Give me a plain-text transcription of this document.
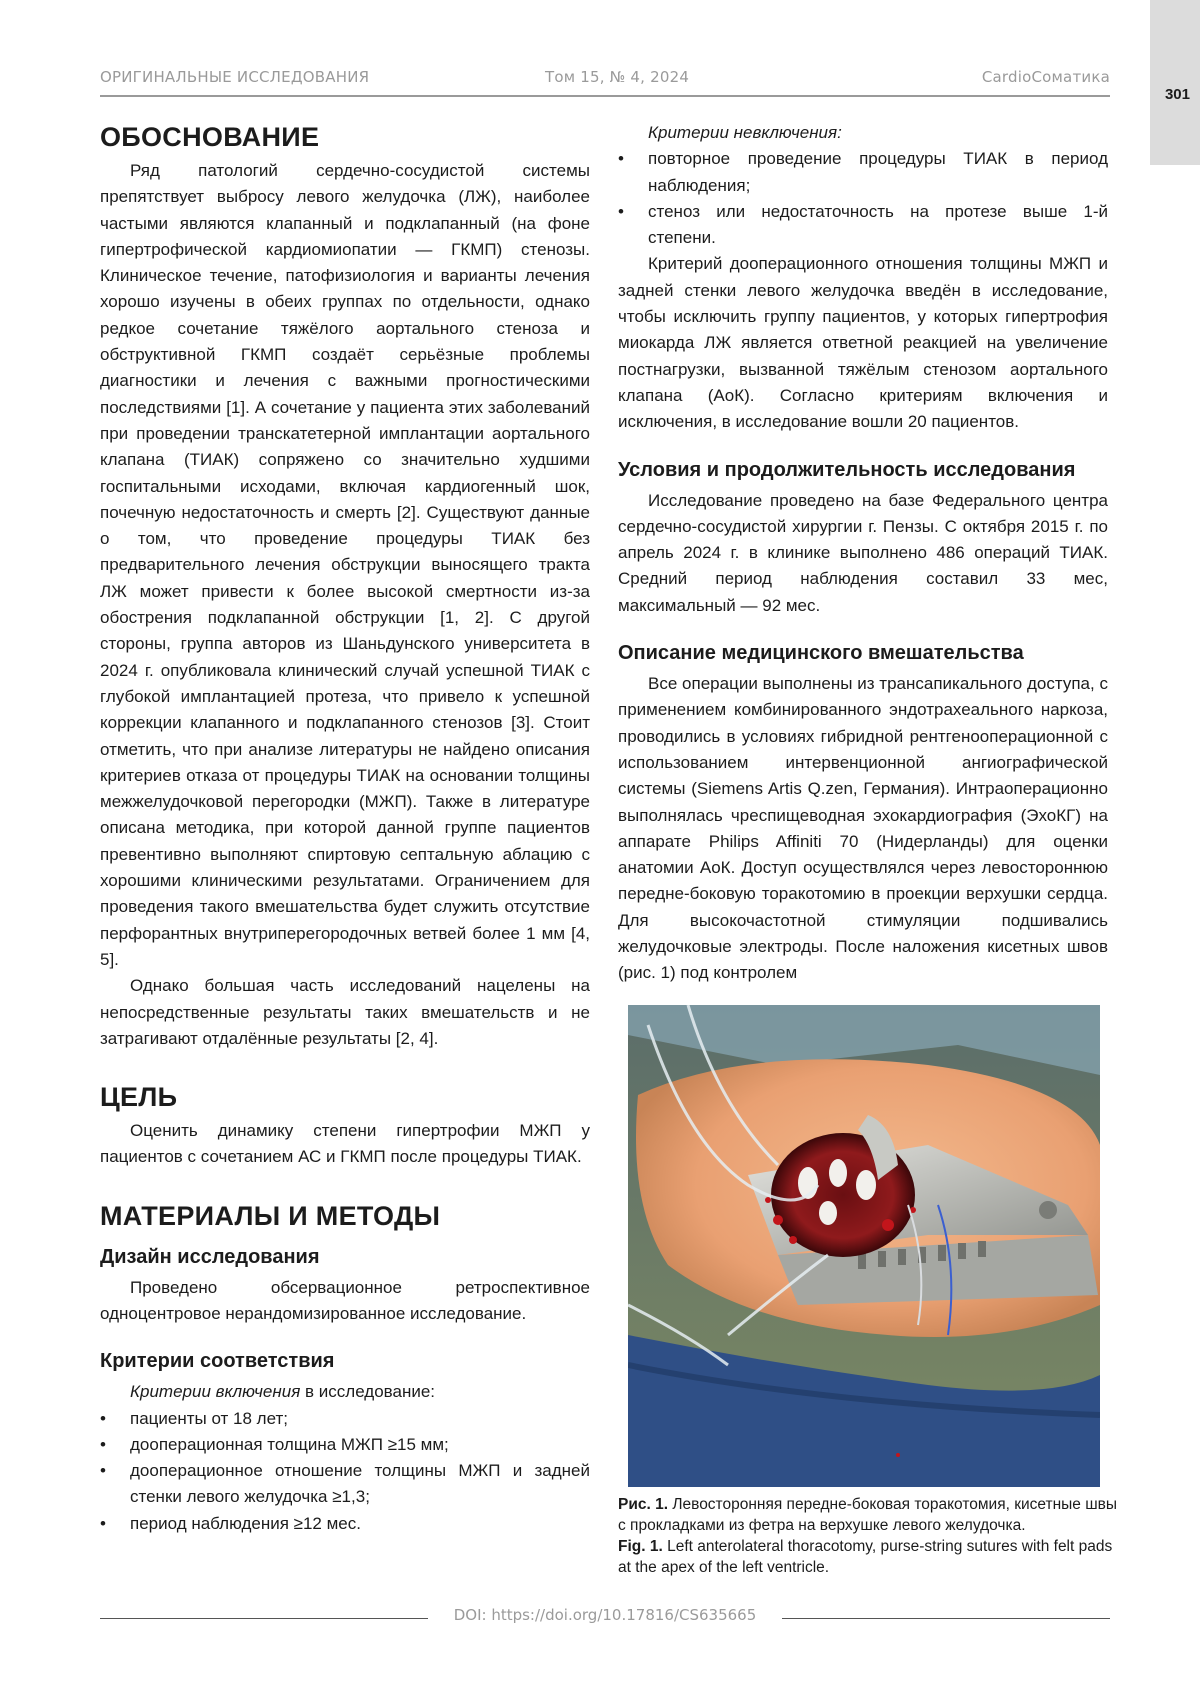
301
ОРИГИНАЛЬНЫЕ ИССЛЕДОВАНИЯ	Том 15, № 4, 2024	CardioСоматика
ОБОСНОВАНИЕ

Ряд патологий сердечно-сосудистой системы препятствует выбросу левого желудочка (ЛЖ), наиболее частыми являются клапанный и подклапанный (на фоне гипертрофической кардиомиопатии — ГКМП) стенозы. Клиническое течение, патофизиология и варианты лечения хорошо изучены в обеих группах по отдельности, однако редкое сочетание тяжёлого аортального стеноза и обструктивной ГКМП создаёт серьёзные проблемы диагностики и лечения с важными прогностическими последствиями [1]. А сочетание у пациента этих заболеваний при проведении транскатетерной имплантации аортального клапана (ТИАК) сопряжено со значительно худшими госпитальными исходами, включая кардиогенный шок, почечную недостаточность и смерть [2]. Существуют данные о том, что проведение процедуры ТИАК без предварительного лечения обструкции выносящего тракта ЛЖ может привести к более высокой смертности из-за обострения подклапанной обструкции [1, 2]. С другой стороны, группа авторов из Шаньдунского университета в 2024 г. опубликовала клинический случай успешной ТИАК с глубокой имплантацией протеза, что привело к успешной коррекции клапанного и подклапанного стенозов [3]. Стоит отметить, что при анализе литературы не найдено описания критериев отказа от процедуры ТИАК на основании толщины межжелудочковой перегородки (МЖП). Также в литературе описана методика, при которой данной группе пациентов превентивно выполняют спиртовую септальную аблацию с хорошими клиническими результатами. Ограничением для проведения такого вмешательства будет служить отсутствие перфорантных внутриперегородочных ветвей более 1 мм [4, 5].

Однако большая часть исследований нацелены на непосредственные результаты таких вмешательств и не затрагивают отдалённые результаты [2, 4].

ЦЕЛЬ

Оценить динамику степени гипертрофии МЖП у пациентов с сочетанием АС и ГКМП после процедуры ТИАК.

МАТЕРИАЛЫ И МЕТОДЫ
Дизайн исследования

Проведено обсервационное ретроспективное одноцентровое нерандомизированное исследование.

Критерии соответствия

Критерии включения в исследование:

• пациенты от 18 лет;
• дооперационная толщина МЖП ≥15 мм;
• дооперационное отношение толщины МЖП и задней стенки левого желудочка ≥1,3;
• период наблюдения ≥12 мес.

Критерии невключения:

• повторное проведение процедуры ТИАК в период наблюдения;
• стеноз или недостаточность на протезе выше 1-й степени.

Критерий дооперационного отношения толщины МЖП и задней стенки левого желудочка введён в исследование, чтобы исключить группу пациентов, у которых гипертрофия миокарда ЛЖ является ответной реакцией на увеличение постнагрузки, вызванной тяжёлым стенозом аортального клапана (АоК). Согласно критериям включения и исключения, в исследование вошли 20 пациентов.

Условия и продолжительность исследования

Исследование проведено на базе Федерального центра сердечно-сосудистой хирургии г. Пензы. С октября 2015 г. по апрель 2024 г. в клинике выполнено 486 операций ТИАК. Средний период наблюдения составил 33 мес, максимальный — 92 мес.

Описание медицинского вмешательства

Все операции выполнены из трансапикального доступа, с применением комбинированного эндотрахеального наркоза, проводились в условиях гибридной рентгенооперационной с использованием интервенционной ангиографической системы (Siemens Artis Q.zen, Германия). Интраоперационно выполнялась чреспищеводная эхокардиография (ЭхоКГ) на аппарате Philips Affiniti 70 (Нидерланды) для оценки анатомии АоК. Доступ осуществлялся через левостороннюю передне-боковую торакотомию в проекции верхушки сердца. Для высокочастотной стимуляции подшивались желудочковые электроды. После наложения кисетных швов (рис. 1) под контролем

Рис. 1. Левосторонняя передне-боковая торакотомия, кисетные швы с прокладками из фетра на верхушке левого желудочка.
Fig. 1. Left anterolateral thoracotomy, purse-string sutures with felt pads at the apex of the left ventricle.
DOI: https://doi.org/10.17816/CS635665
